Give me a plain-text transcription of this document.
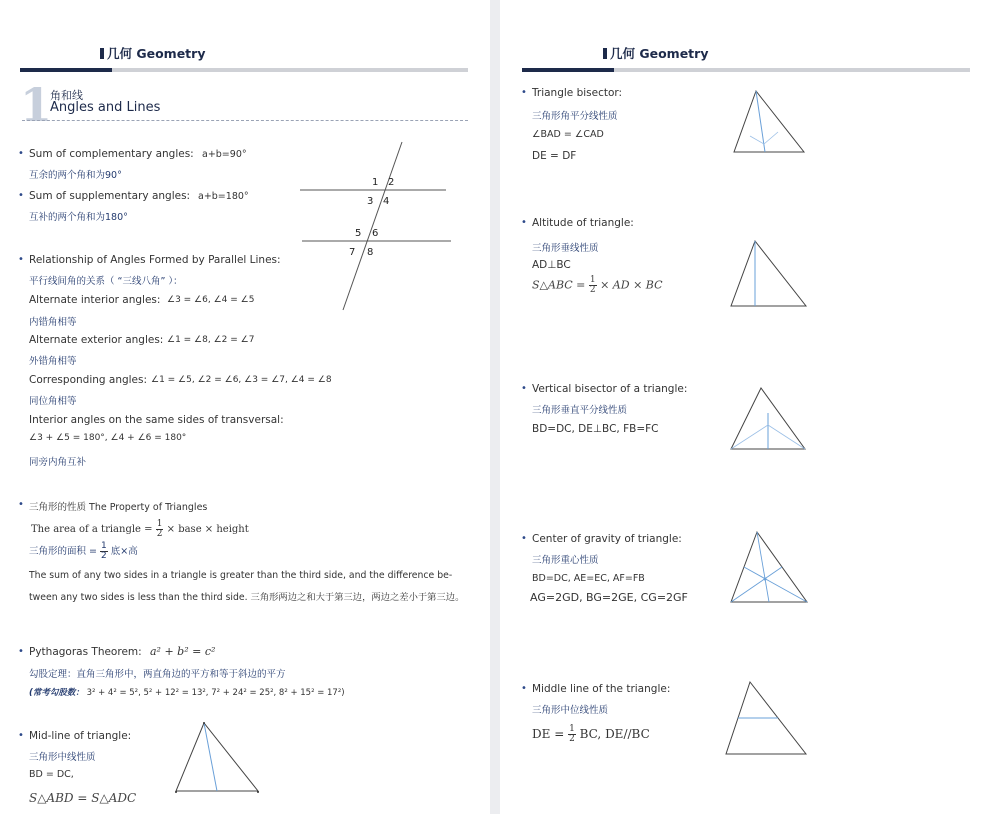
几何 Geometry
1
角和线
Angles and Lines
• Sum of complementary angles: a+b=90°
互余的两个角和为90°
• Sum of supplementary angles: a+b=180°
互补的两个角和为180°
1 2
3 4
5 6
7 8
• Relationship of Angles Formed by Parallel Lines:
平行线间角的关系（ “三线八角” ）：
Alternate interior angles: ∠3 = ∠6, ∠4 = ∠5
内错角相等
Alternate exterior angles: ∠1 = ∠8, ∠2 = ∠7
外错角相等
Corresponding angles: ∠1 = ∠5, ∠2 = ∠6, ∠3 = ∠7, ∠4 = ∠8
同位角相等
Interior angles on the same sides of transversal:
∠3 + ∠5 = 180°, ∠4 + ∠6 = 180°
同旁内角互补
• 三角形的性质 The Property of Triangles
The area of a triangle = $\frac{1}{2}$ × base × height
三角形的面积 = $\frac{1}{2}$ 底×高
The sum of any two sides in a triangle is greater than the third side, and the difference be-
tween any two sides is less than the third side. 三角形两边之和大于第三边，两边之差小于第三边。
• Pythagoras Theorem: a² + b² = c²
勾股定理：直角三角形中，两直角边的平方和等于斜边的平方
(常考勾股数： 3² + 4² = 5², 5² + 12² = 13², 7² + 24² = 25², 8² + 15² = 17²)
• Mid-line of triangle:
三角形中线性质
BD = DC,
S△ABD = S△ADC
几何 Geometry
• Triangle bisector:
三角形角平分线性质
∠BAD = ∠CAD
DE = DF
• Altitude of triangle:
三角形垂线性质
AD⊥BC
S△ABC = $\frac{1}{2}$ × AD × BC
• Vertical bisector of a triangle:
三角形垂直平分线性质
BD=DC, DE⊥BC, FB=FC
• Center of gravity of triangle:
三角形重心性质
BD=DC, AE=EC, AF=FB
AG=2GD, BG=2GE, CG=2GF
• Middle line of the triangle:
三角形中位线性质
DE = $\frac{1}{2}$ BC, DE//BC
